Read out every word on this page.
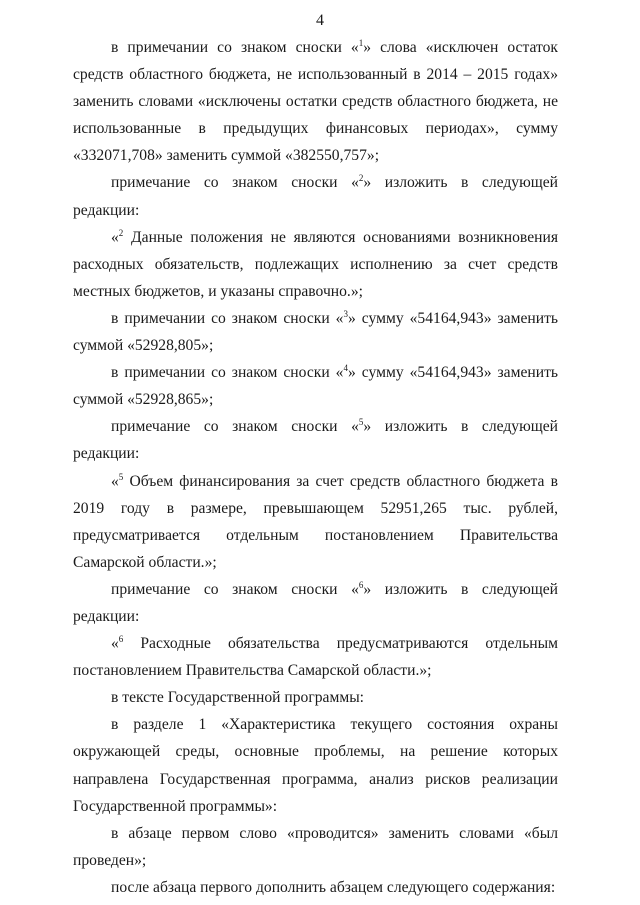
4

в примечании со знаком сноски «$^1$» слова «исключен остаток средств областного бюджета, не использованный в 2014 – 2015 годах» заменить словами «исключены остатки средств областного бюджета, не использованные в предыдущих финансовых периодах», сумму «332071,708» заменить суммой «382550,757»;

примечание со знаком сноски «$^2$» изложить в следующей редакции:

«$^2$ Данные положения не являются основаниями возникновения расходных обязательств, подлежащих исполнению за счет средств местных бюджетов, и указаны справочно.»;

в примечании со знаком сноски «$^3$» сумму «54164,943» заменить суммой «52928,805»;

в примечании со знаком сноски «$^4$» сумму «54164,943» заменить суммой «52928,865»;

примечание со знаком сноски «$^5$» изложить в следующей редакции:

«$^5$ Объем финансирования за счет средств областного бюджета в 2019 году в размере, превышающем 52951,265 тыс. рублей, предусматривается отдельным постановлением Правительства Самарской области.»;

примечание со знаком сноски «$^6$» изложить в следующей редакции:

«$^6$ Расходные обязательства предусматриваются отдельным постановлением Правительства Самарской области.»;

в тексте Государственной программы:

в разделе 1 «Характеристика текущего состояния охраны окружающей среды, основные проблемы, на решение которых направлена Государственная программа, анализ рисков реализации Государственной программы»:

в абзаце первом слово «проводится» заменить словами «был проведен»;

после абзаца первого дополнить абзацем следующего содержания:
